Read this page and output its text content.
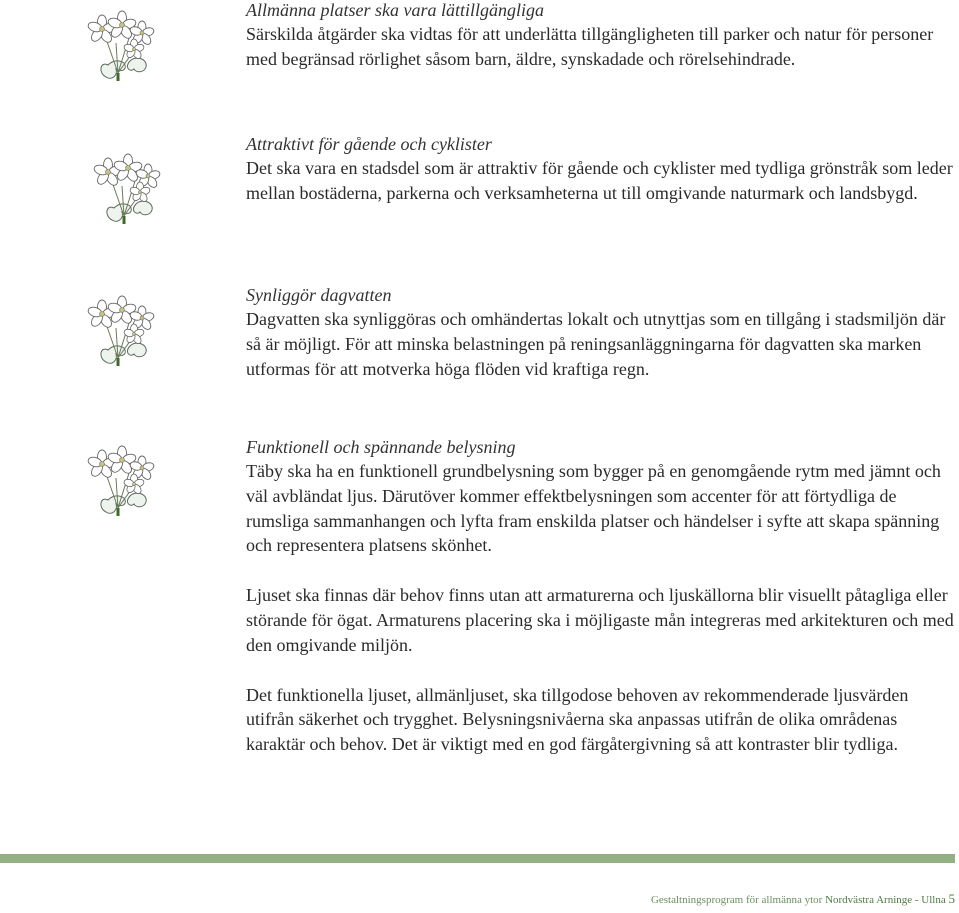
Allmänna platser ska vara lättillgängliga

Särskilda åtgärder ska vidtas för att underlätta tillgängligheten till parker och natur för personer med begränsad rörlighet såsom barn, äldre, synskadade och rörelsehindrade.

Attraktivt för gående och cyklister

Det ska vara en stadsdel som är attraktiv för gående och cyklister med tydliga grönstråk som leder mellan bostäderna, parkerna och verksamheterna ut till omgivande naturmark och landsbygd.

Synliggör dagvatten

Dagvatten ska synliggöras och omhändertas lokalt och utnyttjas som en tillgång i stadsmiljön där så är möjligt. För att minska belastningen på reningsanläggningarna för dagvatten ska marken utformas för att motverka höga flöden vid kraftiga regn.

Funktionell och spännande belysning

Täby ska ha en funktionell grundbelysning som bygger på en genomgående rytm med jämnt och väl avbländat ljus. Därutöver kommer effektbelysningen som accenter för att förtydliga de rumsliga sammanhangen och lyfta fram enskilda platser och händelser i syfte att skapa spänning och representera platsens skönhet.

Ljuset ska finnas där behov finns utan att armaturerna och ljuskällorna blir visuellt påtagliga eller störande för ögat. Armaturens placering ska i möjligaste mån integreras med arkitekturen och med den omgivande miljön.

Det funktionella ljuset, allmänljuset, ska tillgodose behoven av rekommenderade ljusvärden utifrån säkerhet och trygghet. Belysningsnivåerna ska anpassas utifrån de olika områdenas karaktär och behov. Det är viktigt med en god färgåtergivning så att kontraster blir tydliga.

Gestaltningsprogram för allmänna ytor Nordvästra Arninge - Ullna 5
